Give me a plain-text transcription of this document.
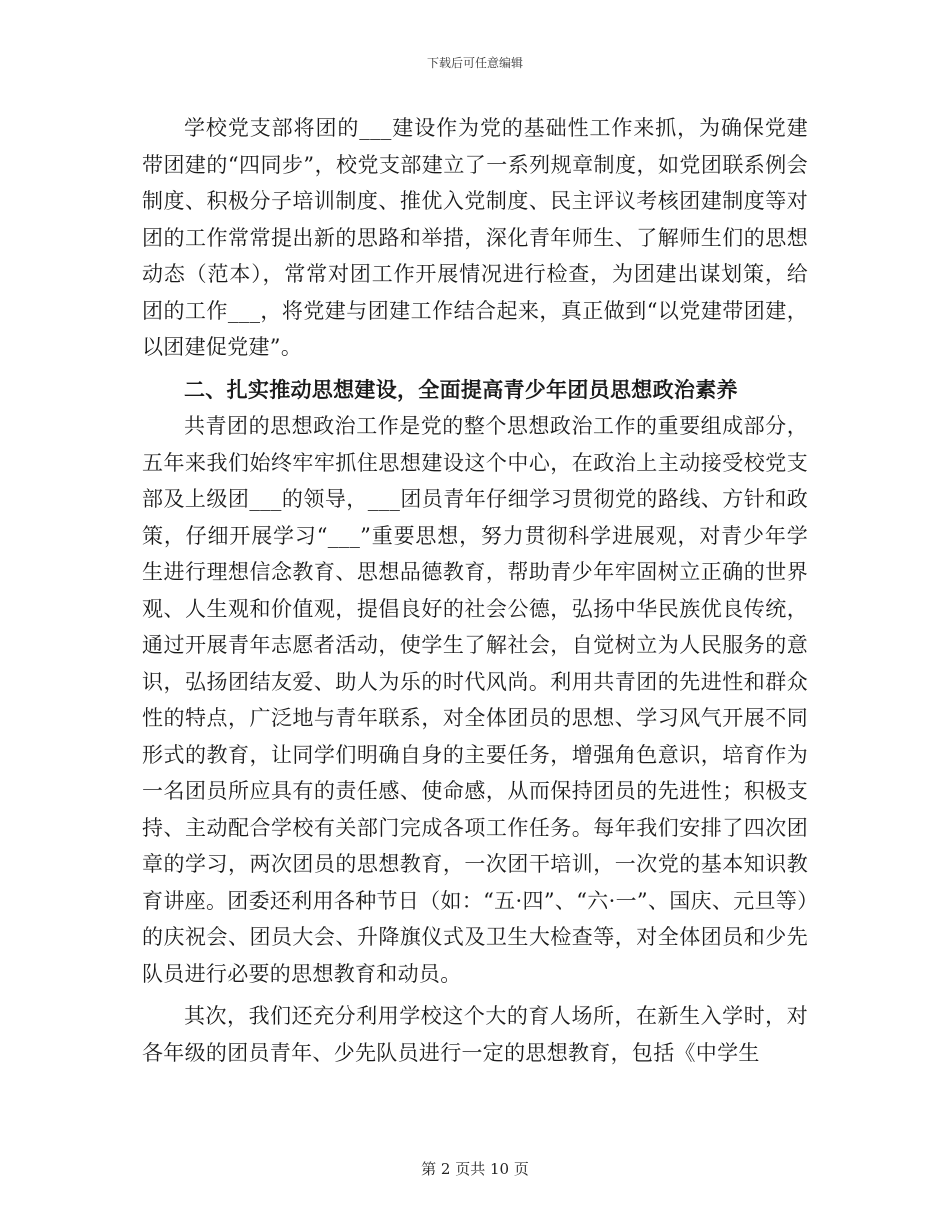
下载后可任意编辑

学校党支部将团的___建设作为党的基础性工作来抓，为确保党建带团建的“四同步”，校党支部建立了一系列规章制度，如党团联系例会制度、积极分子培训制度、推优入党制度、民主评议考核团建制度等对团的工作常常提出新的思路和举措，深化青年师生、了解师生们的思想动态（范本），常常对团工作开展情况进行检查，为团建出谋划策，给团的工作___，将党建与团建工作结合起来，真正做到“以党建带团建，以团建促党建”。

二、扎实推动思想建设，全面提高青少年团员思想政治素养

共青团的思想政治工作是党的整个思想政治工作的重要组成部分，五年来我们始终牢牢抓住思想建设这个中心，在政治上主动接受校党支部及上级团___的领导，___团员青年仔细学习贯彻党的路线、方针和政策，仔细开展学习“___”重要思想，努力贯彻科学进展观，对青少年学生进行理想信念教育、思想品德教育，帮助青少年牢固树立正确的世界观、人生观和价值观，提倡良好的社会公德，弘扬中华民族优良传统，通过开展青年志愿者活动，使学生了解社会，自觉树立为人民服务的意识，弘扬团结友爱、助人为乐的时代风尚。利用共青团的先进性和群众性的特点，广泛地与青年联系，对全体团员的思想、学习风气开展不同形式的教育，让同学们明确自身的主要任务，增强角色意识，培育作为一名团员所应具有的责任感、使命感，从而保持团员的先进性；积极支持、主动配合学校有关部门完成各项工作任务。每年我们安排了四次团章的学习，两次团员的思想教育，一次团干培训，一次党的基本知识教育讲座。团委还利用各种节日（如：“五·四”、“六·一”、国庆、元旦等）的庆祝会、团员大会、升降旗仪式及卫生大检查等，对全体团员和少先队员进行必要的思想教育和动员。

其次，我们还充分利用学校这个大的育人场所，在新生入学时，对各年级的团员青年、少先队员进行一定的思想教育，包括《中学生

第 2 页共 10 页
